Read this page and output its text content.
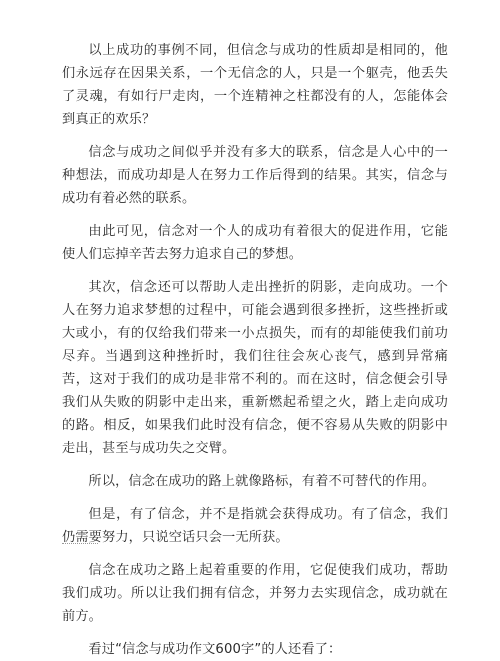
以上成功的事例不同，但信念与成功的性质却是相同的，他们永远存在因果关系，一个无信念的人，只是一个躯壳，他丢失了灵魂，有如行尸走肉，一个连精神之柱都没有的人，怎能体会到真正的欢乐？

信念与成功之间似乎并没有多大的联系，信念是人心中的一种想法，而成功却是人在努力工作后得到的结果。其实，信念与成功有着必然的联系。

由此可见，信念对一个人的成功有着很大的促进作用，它能使人们忘掉辛苦去努力追求自己的梦想。

其次，信念还可以帮助人走出挫折的阴影，走向成功。一个人在努力追求梦想的过程中，可能会遇到很多挫折，这些挫折或大或小，有的仅给我们带来一小点损失，而有的却能使我们前功尽弃。当遇到这种挫折时，我们往往会灰心丧气，感到异常痛苦，这对于我们的成功是非常不利的。而在这时，信念便会引导我们从失败的阴影中走出来，重新燃起希望之火，踏上走向成功的路。相反，如果我们此时没有信念，便不容易从失败的阴影中走出，甚至与成功失之交臂。

所以，信念在成功的路上就像路标，有着不可替代的作用。

但是，有了信念，并不是指就会获得成功。有了信念，我们仍需要努力，只说空话只会一无所获。

信念在成功之路上起着重要的作用，它促使我们成功，帮助我们成功。所以让我们拥有信念，并努力去实现信念，成功就在前方。

看过“信念与成功作文600字”的人还看了：
